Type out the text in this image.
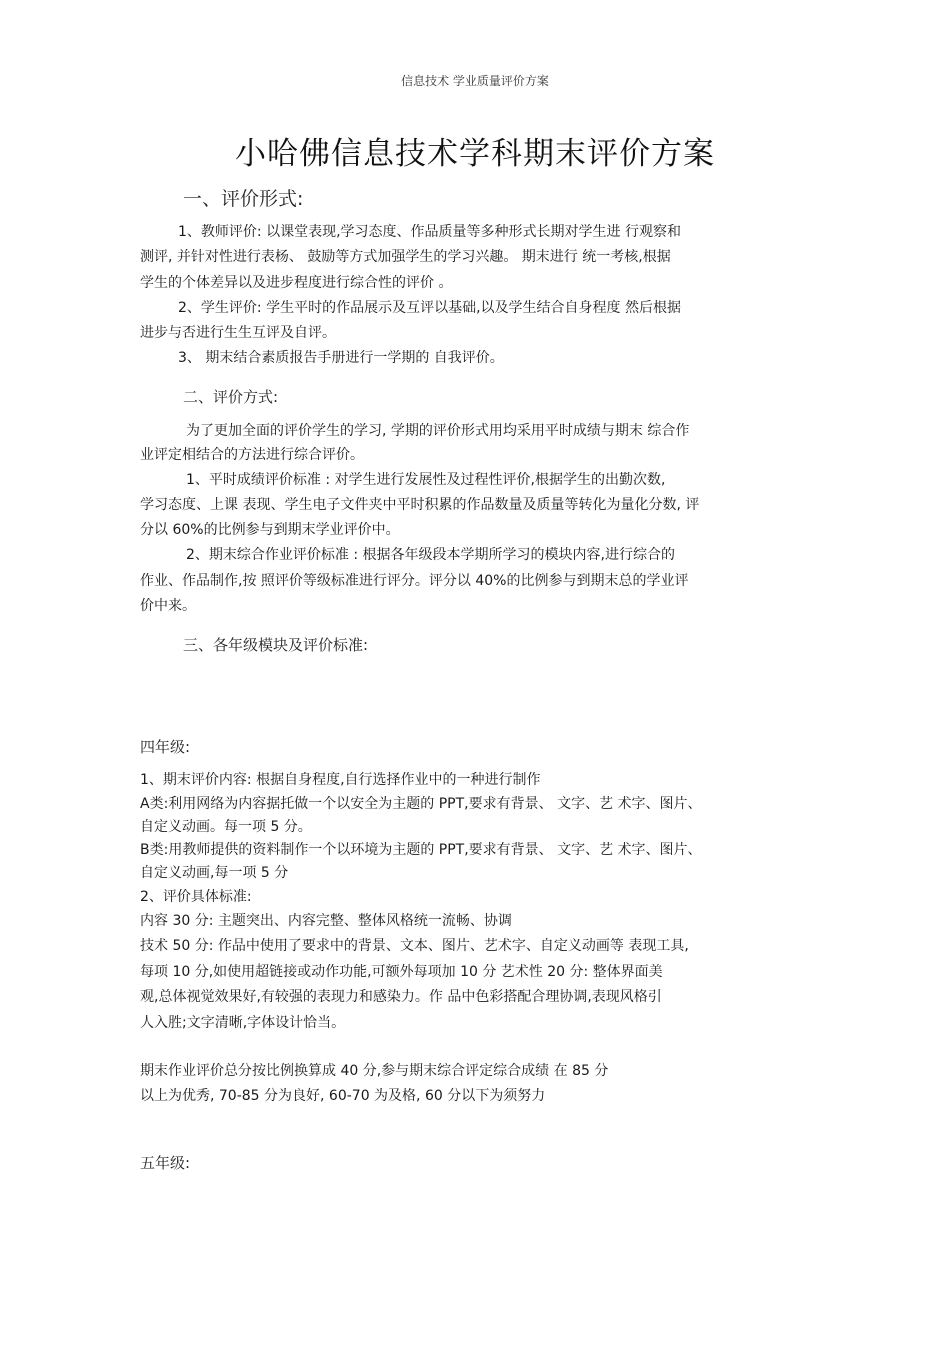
信息技术 学业质量评价方案
小哈佛信息技术学科期末评价方案
一、评价形式:
1、教师评价: 以课堂表现,学习态度、作品质量等多种形式长期对学生进 行观察和
测评, 并针对性进行表杨、 鼓励等方式加强学生的学习兴趣。 期末进行 统一考核,根据
学生的个体差异以及进步程度进行综合性的评价 。
2、学生评价: 学生平时的作品展示及互评以基础,以及学生结合自身程度 然后根据
进步与否进行生生互评及自评。
3、 期末结合素质报告手册进行一学期的 自我评价。
二、评价方式:
为了更加全面的评价学生的学习, 学期的评价形式用均采用平时成绩与期末 综合作
业评定相结合的方法进行综合评价。
1、平时成绩评价标准 : 对学生进行发展性及过程性评价,根据学生的出勤次数,
学习态度、上课 表现、学生电子文件夹中平时积累的作品数量及质量等转化为量化分数, 评
分以 60%的比例参与到期末学业评价中。
2、期末综合作业评价标准 : 根据各年级段本学期所学习的模块内容,进行综合的
作业、作品制作,按 照评价等级标准进行评分。评分以 40%的比例参与到期末总的学业评
价中来。
三、各年级模块及评价标准:
四年级:
1、期末评价内容: 根据自身程度,自行选择作业中的一种进行制作
A类:利用网络为内容据托做一个以安全为主题的 PPT,要求有背景、 文字、艺 术字、图片、
自定义动画。每一项 5 分。
B类:用教师提供的资料制作一个以环境为主题的 PPT,要求有背景、 文字、艺 术字、图片、
自定义动画,每一项 5 分
2、评价具体标准:
内容 30 分: 主题突出、内容完整、整体风格统一流畅、协调
技术 50 分: 作品中使用了要求中的背景、文本、图片、艺术字、自定义动画等 表现工具,
每项 10 分,如使用超链接或动作功能,可额外每项加 10 分 艺术性 20 分: 整体界面美
观,总体视觉效果好,有较强的表现力和感染力。作 品中色彩搭配合理协调,表现风格引
人入胜;文字清晰,字体设计恰当。
期末作业评价总分按比例换算成 40 分,参与期末综合评定综合成绩 在 85 分
以上为优秀, 70-85 分为良好, 60-70 为及格, 60 分以下为须努力
五年级:
